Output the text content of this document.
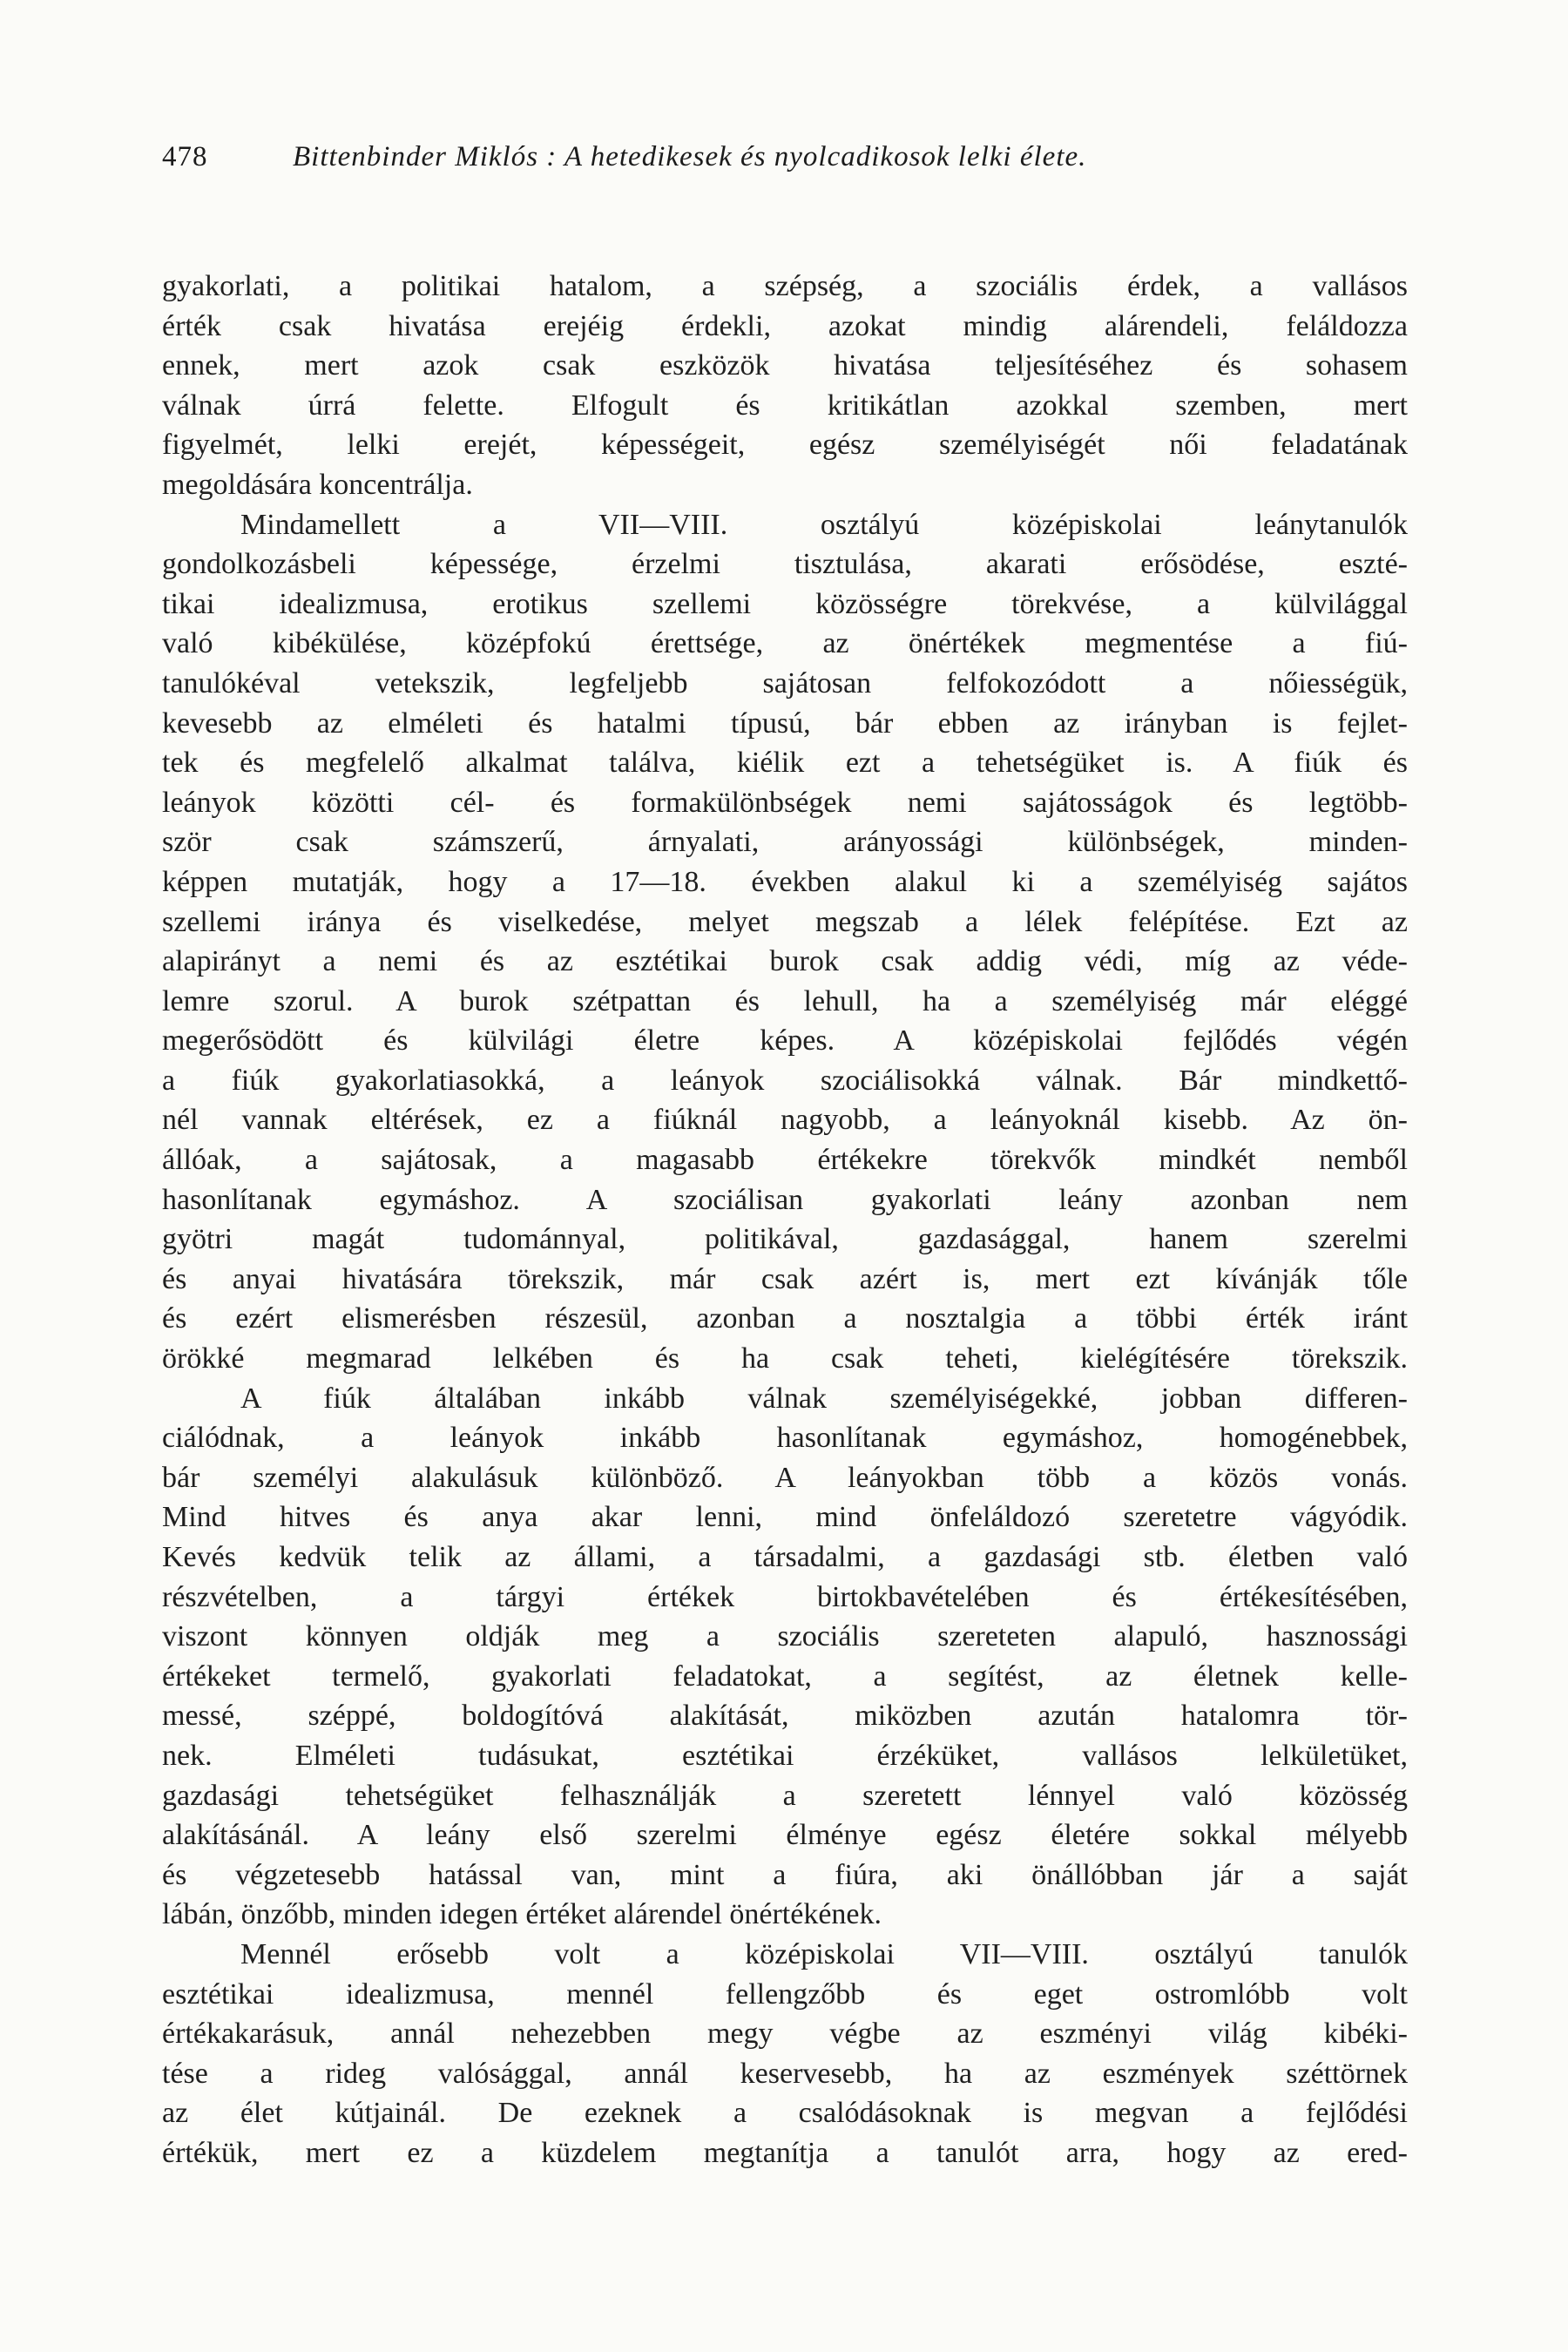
478	Bittenbinder Miklós : A hetedikesek és nyolcadikosok lelki élete.
gyakorlati, a politikai hatalom, a szépség, a szociális érdek, a vallásos
érték csak hivatása erejéig érdekli, azokat mindig alárendeli, feláldozza
ennek, mert azok csak eszközök hivatása teljesítéséhez és sohasem
válnak úrrá felette. Elfogult és kritikátlan azokkal szemben, mert
figyelmét, lelki erejét, képességeit, egész személyiségét női feladatának
megoldására koncentrálja.
Mindamellett a VII—VIII. osztályú középiskolai leánytanulók
gondolkozásbeli képessége, érzelmi tisztulása, akarati erősödése, eszté-
tikai idealizmusa, erotikus szellemi közösségre törekvése, a külvilággal
való kibékülése, középfokú érettsége, az önértékek megmentése a fiú-
tanulókéval vetekszik, legfeljebb sajátosan felfokozódott a nőiességük,
kevesebb az elméleti és hatalmi típusú, bár ebben az irányban is fejlet-
tek és megfelelő alkalmat találva, kiélik ezt a tehetségüket is. A fiúk és
leányok közötti cél- és formakülönbségek nemi sajátosságok és legtöbb-
ször csak számszerű, árnyalati, arányossági különbségek, minden-
képpen mutatják, hogy a 17—18. években alakul ki a személyiség sajátos
szellemi iránya és viselkedése, melyet megszab a lélek felépítése. Ezt az
alapirányt a nemi és az esztétikai burok csak addig védi, míg az véde-
lemre szorul. A burok szétpattan és lehull, ha a személyiség már eléggé
megerősödött és külvilági életre képes. A középiskolai fejlődés végén
a fiúk gyakorlatiasokká, a leányok szociálisokká válnak. Bár mindkettő-
nél vannak eltérések, ez a fiúknál nagyobb, a leányoknál kisebb. Az ön-
állóak, a sajátosak, a magasabb értékekre törekvők mindkét nemből
hasonlítanak egymáshoz. A szociálisan gyakorlati leány azonban nem
gyötri magát tudománnyal, politikával, gazdasággal, hanem szerelmi
és anyai hivatására törekszik, már csak azért is, mert ezt kívánják tőle
és ezért elismerésben részesül, azonban a nosztalgia a többi érték iránt
örökké megmarad lelkében és ha csak teheti, kielégítésére törekszik.
A fiúk általában inkább válnak személyiségekké, jobban differen-
ciálódnak, a leányok inkább hasonlítanak egymáshoz, homogénebbek,
bár személyi alakulásuk különböző. A leányokban több a közös vonás.
Mind hitves és anya akar lenni, mind önfeláldozó szeretetre vágyódik.
Kevés kedvük telik az állami, a társadalmi, a gazdasági stb. életben való
részvételben, a tárgyi értékek birtokbavételében és értékesítésében,
viszont könnyen oldják meg a szociális szereteten alapuló, hasznossági
értékeket termelő, gyakorlati feladatokat, a segítést, az életnek kelle-
messé, széppé, boldogítóvá alakítását, miközben azután hatalomra tör-
nek. Elméleti tudásukat, esztétikai érzéküket, vallásos lelkületüket,
gazdasági tehetségüket felhasználják a szeretett lénnyel való közösség
alakításánál. A leány első szerelmi élménye egész életére sokkal mélyebb
és végzetesebb hatással van, mint a fiúra, aki önállóbban jár a saját
lábán, önzőbb, minden idegen értéket alárendel önértékének.
Mennél erősebb volt a középiskolai VII—VIII. osztályú tanulók
esztétikai idealizmusa, mennél fellengzőbb és eget ostromlóbb volt
értékakarásuk, annál nehezebben megy végbe az eszményi világ kibéki-
tése a rideg valósággal, annál keservesebb, ha az eszmények széttörnek
az élet kútjainál. De ezeknek a csalódásoknak is megvan a fejlődési
értékük, mert ez a küzdelem megtanítja a tanulót arra, hogy az ered-
